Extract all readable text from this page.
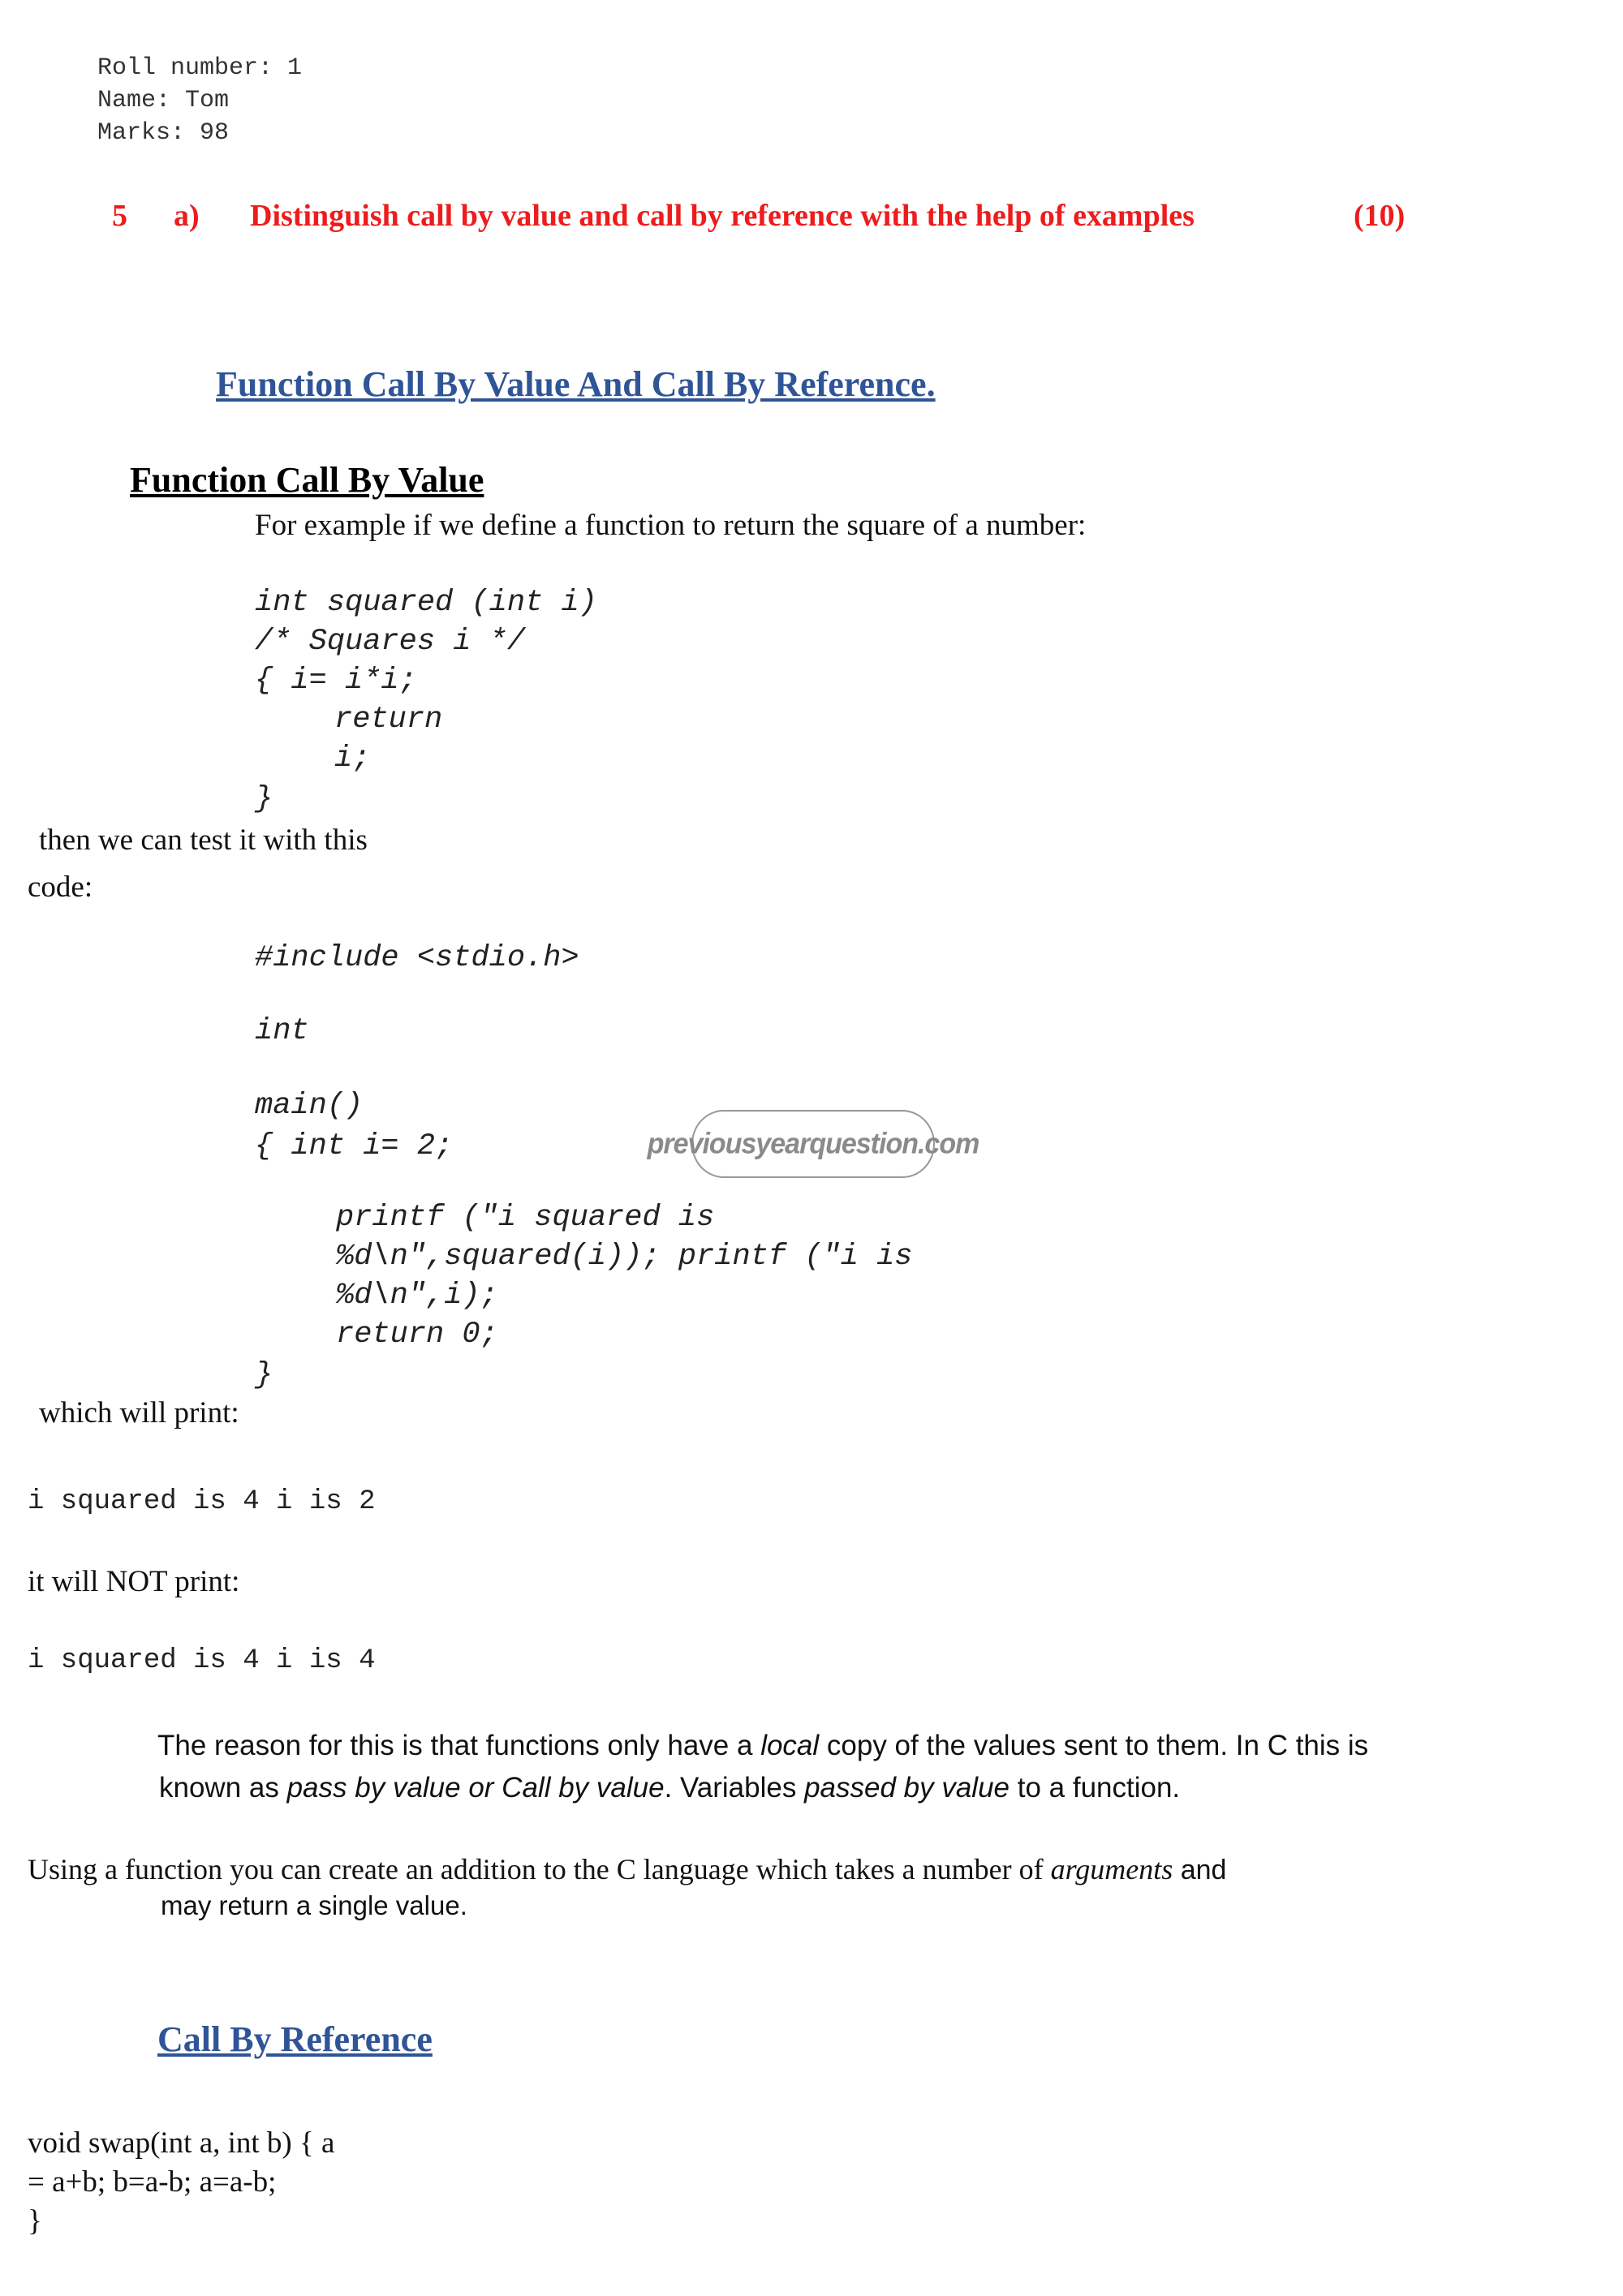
Roll number: 1
Name: Tom
Marks: 98
5 a) Distinguish call by value and call by reference with the help of examples	(10)
Function Call By Value And Call By Reference.
Function Call By Value
For example if we define a function to return the square of a number:
int squared (int i)
/* Squares i */
{ i= i*i;
return
i;
}
then we can test it with this
code:
#include <stdio.h>
int
main()
{ int i= 2;	previousyearquestion.com
printf ("i squared is
%d\n",squared(i)); printf ("i is
%d\n",i);
return 0;
}
which will print:
i squared is 4 i is 2
it will NOT print:
i squared is 4 i is 4
The reason for this is that functions only have a local copy of the values sent to them. In C this is
known as pass by value or Call by value. Variables passed by value to a function.
Using a function you can create an addition to the C language which takes a number of arguments and
may return a single value.
Call By Reference
void swap(int a, int b) { a
= a+b; b=a-b; a=a-b;
}
